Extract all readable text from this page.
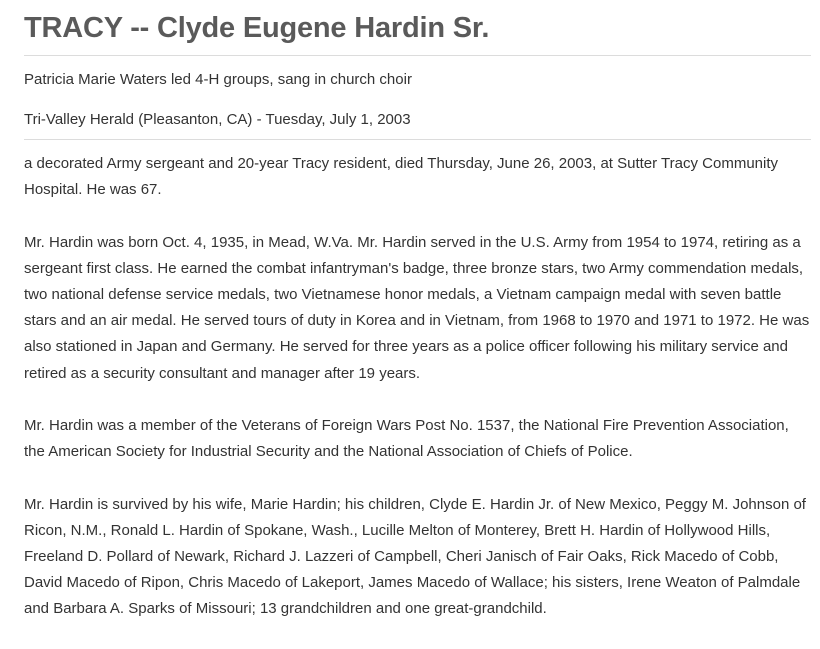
TRACY -- Clyde Eugene Hardin Sr.
Patricia Marie Waters led 4-H groups, sang in church choir
Tri-Valley Herald (Pleasanton, CA) - Tuesday, July 1, 2003

a decorated Army sergeant and 20-year Tracy resident, died Thursday, June 26, 2003, at Sutter Tracy Community Hospital. He was 67.

Mr. Hardin was born Oct. 4, 1935, in Mead, W.Va. Mr. Hardin served in the U.S. Army from 1954 to 1974, retiring as a sergeant first class. He earned the combat infantryman's badge, three bronze stars, two Army commendation medals, two national defense service medals, two Vietnamese honor medals, a Vietnam campaign medal with seven battle stars and an air medal. He served tours of duty in Korea and in Vietnam, from 1968 to 1970 and 1971 to 1972. He was also stationed in Japan and Germany. He served for three years as a police officer following his military service and retired as a security consultant and manager after 19 years.

Mr. Hardin was a member of the Veterans of Foreign Wars Post No. 1537, the National Fire Prevention Association, the American Society for Industrial Security and the National Association of Chiefs of Police.

Mr. Hardin is survived by his wife, Marie Hardin; his children, Clyde E. Hardin Jr. of New Mexico, Peggy M. Johnson of Ricon, N.M., Ronald L. Hardin of Spokane, Wash., Lucille Melton of Monterey, Brett H. Hardin of Hollywood Hills, Freeland D. Pollard of Newark, Richard J. Lazzeri of Campbell, Cheri Janisch of Fair Oaks, Rick Macedo of Cobb, David Macedo of Ripon, Chris Macedo of Lakeport, James Macedo of Wallace; his sisters, Irene Weaton of Palmdale and Barbara A. Sparks of Missouri; 13 grandchildren and one great-grandchild.
